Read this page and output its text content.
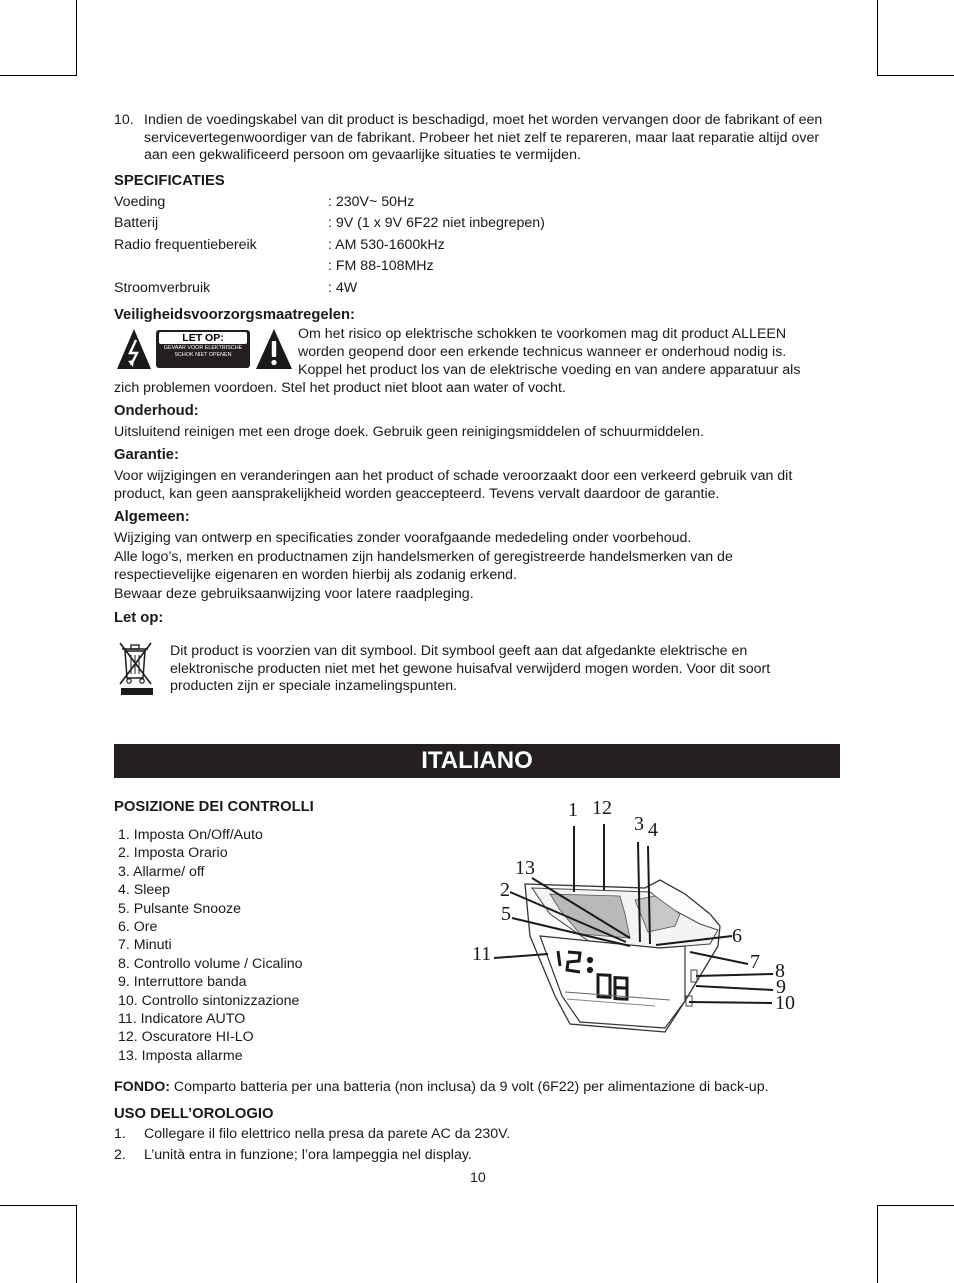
10. Indien de voedingskabel van dit product is beschadigd, moet het worden vervangen door de fabrikant of een servicevertegenwoordiger van de fabrikant. Probeer het niet zelf te repareren, maar laat reparatie altijd over aan een gekwalificeerd persoon om gevaarlijke situaties te vermijden.

SPECIFICATIES
Voeding	: 230V~ 50Hz
Batterij	: 9V (1 x 9V 6F22 niet inbegrepen)
Radio frequentiebereik	: AM 530-1600kHz
: FM 88-108MHz
Stroomverbruik	: 4W
Veiligheidsvoorzorgsmaatregelen:
LET OP:
GEVAAR VOOR ELEKTRISCHE SCHOK NIET OPENEN
Om het risico op elektrische schokken te voorkomen mag dit product ALLEEN
worden geopend door een erkende technicus wanneer er onderhoud nodig is.
Koppel het product los van de elektrische voeding en van andere apparatuur als
zich problemen voordoen. Stel het product niet bloot aan water of vocht.
Onderhoud:
Uitsluitend reinigen met een droge doek. Gebruik geen reinigingsmiddelen of schuurmiddelen.
Garantie:

Voor wijzigingen en veranderingen aan het product of schade veroorzaakt door een verkeerd gebruik van dit product, kan geen aansprakelijkheid worden geaccepteerd. Tevens vervalt daardoor de garantie.

Algemeen:
Wijziging van ontwerp en specificaties zonder voorafgaande mededeling onder voorbehoud.

Alle logo’s, merken en productnamen zijn handelsmerken of geregistreerde handelsmerken van de respectievelijke eigenaren en worden hierbij als zodanig erkend.

Bewaar deze gebruiksaanwijzing voor latere raadpleging.
Let op:

Dit product is voorzien van dit symbool. Dit symbool geeft aan dat afgedankte elektrische en elektronische producten niet met het gewone huisafval verwijderd mogen worden. Voor dit soort producten zijn er speciale inzamelingspunten.

ITALIANO
POSIZIONE DEI CONTROLLI
1. Imposta On/Off/Auto
2. Imposta Orario
3. Allarme/ off
4. Sleep
5. Pulsante Snooze
6. Ore
7. Minuti
8. Controllo volume / Cicalino
9. Interruttore banda
10. Controllo sintonizzazione
11. Indicatore AUTO
12. Oscuratore HI-LO
13. Imposta allarme
1 12
3 4
13
2
5
6
11	7 8
9
10
FONDO: Comparto batteria per una batteria (non inclusa) da 9 volt (6F22) per alimentazione di back-up.
USO DELL’OROLOGIO
1. Collegare il filo elettrico nella presa da parete AC da 230V.
2. L’unità entra in funzione; l’ora lampeggia nel display.
10
